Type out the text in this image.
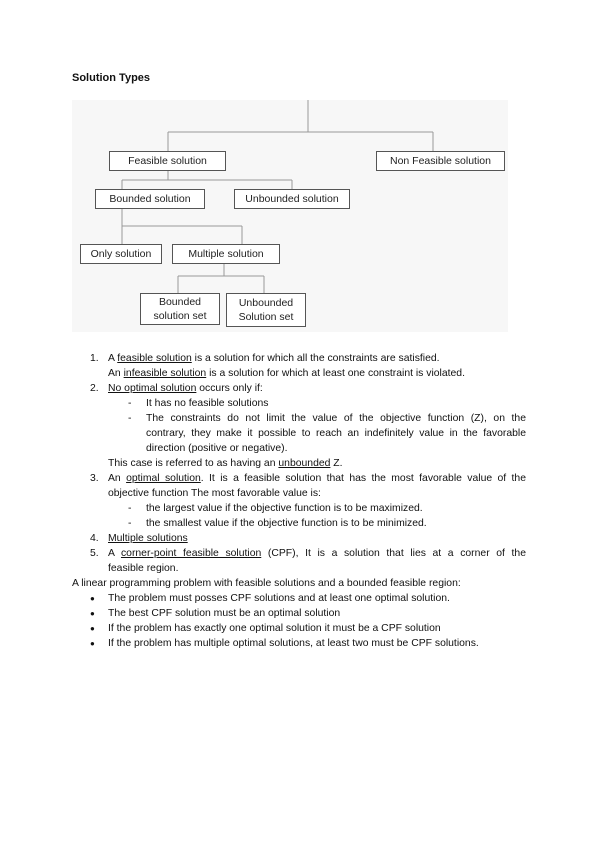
Solution Types
Feasible solution	Non Feasible solution
Bounded solution	Unbounded solution
Only solution	Multiple solution
Bounded
solution set
Unbounded
Solution set
1. A feasible solution is a solution for which all the constraints are satisfied.
An infeasible solution is a solution for which at least one constraint is violated.
2. No optimal solution occurs only if:
- It has no feasible solutions
- The constraints do not limit the value of the objective function (Z), on the
contrary, they make it possible to reach an indefinitely value in the favorable
direction (positive or negative).
This case is referred to as having an unbounded Z.
3. An optimal solution. It is a feasible solution that has the most favorable value of the
objective function The most favorable value is:
- the largest value if the objective function is to be maximized.
- the smallest value if the objective function is to be minimized.
4. Multiple solutions
5. A corner-point feasible solution (CPF), It is a solution that lies at a corner of the
feasible region.
A linear programming problem with feasible solutions and a bounded feasible region:
● The problem must posses CPF solutions and at least one optimal solution.
● The best CPF solution must be an optimal solution
● If the problem has exactly one optimal solution it must be a CPF solution
● If the problem has multiple optimal solutions, at least two must be CPF solutions.
